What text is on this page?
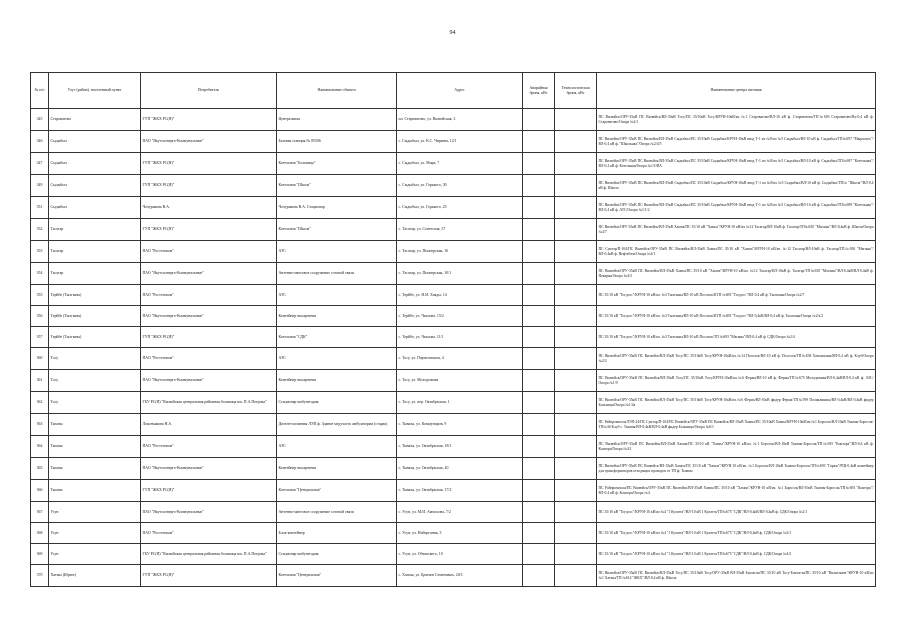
94
№ п/п	Улус (район), населенный пункт	Потребитель	Наименование объекта	Адрес	Аварийная броня, кВт	Технологическая броня, кВт	Наименование центра питания
345	Староватово	ГУП "ЖКХ РС(Я)"	Центральная	ил. Староватово, ул. Вилюйская, 3			ПС Вилюйск/ОРУ-35кВ ПС Вилюйск/ВЛ-35кВ Тосу/ПС 35/10кВ Тосу/КРУН-10кВ/яч.№1 Староватово/ВЛ-10 кВ ф. Староватово/ТП№603 Староватово/Вл-0,4 кВ ф. Староватово/Опора №2/1
346	Сыдыбыл	ПАО "Якутскэнерго-Коммунальные"	Базовая станция № 85506	с. Сыдыбыл, ул. К.С. Чиряева, 12/1			ПС Вилюйск/ОРУ-35кВ ПС Вилюйск/ВЛ-35кВ Сыдыбыл/ПС 35/10кВ Сыдыбыл/КРУН-10кВ ввод Т-1 яч №8/яч №5 Сыдыбыл/ВЛ-10 кВ ф. Сыдыбыл/ТП№697 "Мыраолох"/ВЛ-0,4 кВ ф. "Школьная"/Опора №2/4/5
347	Сыдыбыл	ГУП "ЖКХ РС(Я)"	Котельная "Больница"	с. Сыдыбыл, ул. Мира, 7			ПС Вилюйск/ОРУ-35кВ ПС Вилюйск/ВЛ-35кВ Сыдыбыл/ПС 35/10кВ Сыдыбыл/КРУН-10кВ ввод Т-1 яч №8/яч №5 Сыдыбыл/ВЛ-10 кВ ф. Сыдыбыл/ТП№697 "Котельная"/ВЛ-0,4 кВ ф. Котельная/Опора №1/ОПА
349	Сыдыбыл	ГУП "ЖКХ РС(Я)"	Котельная "Школа"	с. Сыдыбыл, ул. Горького, 30			ПС Вилюйск/ОРУ-35кВ ПС Вилюйск/ВЛ-35кВ Сыдыбыл/ПС 35/10кВ Сыдыбыл/КРУН-10кВ ввод Т-1 яч №8/яч №5 Сыдыбыл/ВЛ-10 кВ ф. Сыдыбыл/ТП№ "Школа"/ВЛ-0,4 кВ ф. Школа
351	Сыдыбыл	Чочуракова В.А.	Чочуракова В.А. Стационар	с. Сыдыбыл, ул. Горького, 25			ПС Вилюйск/ОРУ-35кВ ПС Вилюйск/ВЛ-35кВ Сыдыбыл/ПС 35/10кВ Сыдыбыл/КРУН-10кВ ввод Т-1 яч №8/яч №5 Сыдыбыл/ВЛ-10 кВ ф. Сыдыбыл/ТП№699 "Котельная"/ВЛ-0,4 кВ ф. АТС/Опора №1/1/2
352	Тасагар	ГУП "ЖКХ РС(Я)"	Котельная "Школа"	с. Тасагар, ул. Советская, 37			ПС Вилюйск/ОРУ-35кВ ПС Вилюйск/ВЛ-35кВ Хампа/ПС 35/10 кВ "Хампа"/КРУН-10 кВ/яч №12 Тасагар/ВЛ-10кВ ф. Тасагар/ТП№650 "Маганы"/ВЛ-0,4кВ ф. Школа/Опора №4/7
353	Тасагар	ПАО "Ростелеком"	АТС	с. Тасагар, ул. Пионерская, 16			ПС Сунтар/П-104/ПС Вилюйск/ОРУ-35кВ ПС Вилюйск/ВЛ-35кВ Хампа/ПС 35/10 кВ "Хампа"/КРУН-10 кВ/яч. №12 Тасагар/ВЛ-10кВ ф. Тасагар/ТП№650 "Маганы"/ВЛ-0,4кВ ф. Нефтебаза/Опора №4/1
354	Тасагар	ПАО "Якутскэнерго-Коммунальные"	Антенно-мачтовое сооружение сотовой связи	с. Тасагар, ул. Пионерская, 10/1			ПС Вилюйск/ОРУ-35кВ ПС Вилюйск/ВЛ-35кВ Хампа/ПС 35/10 кВ "Хампа"/КРУН-10 кВ/яч. №12 Тасагар/ВЛ-10кВ ф. Тасагар/ТП№650 "Маганы"/ВЛ-0,4кВ/ВЛ-0,4кВ ф. Пекарня/Опора №4/3
355	Терйбе (Тылгыны)	ПАО "Ростелеком"	АТС	с. Терйбе, ул. Н.И. Хаяды, 14			ПС 35/10 кВ "Тогдсос"/КРУН-10 кВ/яч. №3 Тылгыны/ВЛ-10 кВ Посолок/КТП №693 "Тогдсос"/ВЛ-0,4 кВ ф. Тылгыны/Опора №2/7
356	Терйбе (Тылгыны)	ПАО "Якутскэнерго-Коммунальные"	Контейнер-аппаратная	с. Терйбе, ул. Чкалова, 15/2			ПС 35/10 кВ "Тогдсос"/КРУН-10 кВ/яч. №3 Тылгыны/ВЛ-10 кВ Посолок/КТП №693 "Тогдсос"/ВЛ-0,4кВ/ВЛ-0,4 кВ ф. Тылгыны/Опора №2/а/2
357	Терйбе (Тылгыны)	ГУП "ЖКХ РС(Я)"	Котельная "СДК"	с. Терйбе, ул. Чкалова, 11/1			ПС 35/10 кВ "Тогдсос"/КРУН-10 кВ/яч. №3 Тылгыны/ВЛ-10 кВ Посолок/ТП №693 "Маганы"/ВЛ-0,4 кВ ф. СДК/Опора №2/4
360	Тосу	ПАО "Ростелеком"	АТС	с. Тосу, ул. Партизанская, 4			ПС Вилюйск/ОРУ-35кВ ПС Вилюйск/ВЛ-35кВ Тосу/ПС 35/10кВ Тосу/КРУН-10кВ/яч.№14 Посолок/ВЛ-10 кВ ф. Посолок/ТП№638 Хатынгыны/ВЛ-0,4 кВ ф. Клуб/Опора №2/2
361	Тосу	ПАО "Якутскэнерго-Коммунальные"	Контейнер-аппаратная	с. Тосу, ул. Молодежная			ПС Вилюйск/ОРУ-35кВ ПС Вилюйск/ВЛ-35кВ Тосу/ПС 35/10кВ Тосу/КРУН-10кВ/яч.№6 Ферма/ВЛ-10 кВ ф. Ферма/ТП№675 Молодежная/ВЛ-0,4кВ/ВЛ-0,4 кВ ф. АЗС/Опора №1/9
362	Тосу	ГБУ РС(Я) "Вилюйская центральная районная больница им. П.А.Петрова"	Стационар-амбулатория	с. Тосу, ул. пер. Октябрьская, 1			ПС Вилюйск/ОРУ-35кВ ПС Вилюйск/ВЛ-35кВ Тосу/ПС 35/10кВ Тосу/КРУН-10кВ/яч.№6 Ферма/ВЛ-10кВ фидер Ферма/ТП№599 Поликлиника/ВЛ-0,4кВ/ВЛ-0,4кВ фидер Больница/Опора №1/4а
363	Тымпы	Локонъякова Н.А.	Дизелетопливная ЛЭП ф. Здание медучасть амбулатории (старая)	с. Тымпы, ул. Коммунаров, 9			ПС Райпромполя/ЛЭП-24/ПС Сунтар/П-104/ПС Вилюйск/ОРУ-35кВ ПС Вилюйск/ВЛ-35кВ Хампа/ПС 35/10кВ Хампа/КРУН-10кВ/яч.№1 Боросок/ВЛ-10кВ Тымпы-Боросок/ТП№36 Клуб с. Тымпы/ВЛ-0,4кВ/ВЛ-0,4кВ фидер Больница/Опора №6/1
364	Тымпы	ПАО "Ростелеком"	АТС	с. Тымпы, ул. Октябрьская, 18/1			ПС Вилюйск/ОРУ-35кВ ПС Вилюйск/ВЛ-35кВ Хампа/ПС 35/10 кВ "Хампа"/КРУН-10 кВ/яч. №1 Боросок/ВЛ-10кВ Тымпы-Боросок/ТП№695 "Контора"/ВЛ-0,4 кВ ф. Контора/Опора №4/1
365	Тымпы	ПАО "Якутскэнерго-Коммунальные"	Контейнер-аппаратная	с. Тымпы, ул. Октябрьская, 40			ПС Вилюйск/ОРУ-35кВ ПС Вилюйск/ВЛ-35кВ Хампа/ПС 35/10 кВ "Хампа"/КРУН-10 кВ/яч. №1 Боросок/ВЛ-10кВ Тымпы-Боросок/ТП№693 "Гараж"/РЩ-0,4кВ контейнер для трансформаторов отходящих проводов от ТП ф. Тымпы
366	Тымпы	ГУП "ЖКХ РС(Я)"	Котельная "Центральная"	с. Тымпы, ул. Октябрьская, 17/2			ПС Райпромполя/ПС Вилюйск/ОРУ-35кВ ПС Вилюйск/ВЛ-35кВ Хампа/ПС 35/10 кВ "Хампа"/КРУН-10 кВ/яч. №1 Боросок/ВЛ-10кВ Тымпы-Боросок/ТП№693 "Контора"/ВЛ-0,4 кВ ф. Контора/Опора №4
367	Усун	ПАО "Якутскэнерго-Коммунальные"	Антенно-мачтовое сооружение сотовой связи	с. Усун, ул. М.И. Аммосова, 7/2			ПС 35/10 кВ "Тогдсос"/КРУН-10 кВ/яч №4 "1 Кулатта"/ВЛ-10 кВ 1 Кулатта/ТП№675 "СДК"/ВЛ-0,4кВ/ВЛ-0,4кВ ф. СДК/Опора №2/1
368	Усун	ПАО "Ростелеком"	Блок-контейнер	с. Усун, ул. Нибергания, 3			ПС 35/10 кВ "Тогдсос"/КРУН-10 кВ/яч №4 "1 Кулатта"/ВЛ-10 кВ 1 Кулатта/ТП№675 "СДК"/ВЛ-0,4кВ ф. СДК/Опора №2/1
369	Усун	ГБУ РС(Я) "Вилюйская центральная районная больница им. П.А.Петрова"	Стационар-амбулатория	с. Усун, ул. Объекского, 10			ПС 35/10 кВ "Тогдсос"/КРУН-10 кВ/яч №4 "1 Кулатта"/ВЛ-10 кВ 1 Кулатта/ТП№675 "СДК"/ВЛ-0,4кВ ф. СДК/Опора №4/2
370	Хатыы (Юрюе)	ГУП "ЖКХ РС(Я)"	Котельная "Центральная"	с. Хатыы, ул. Братьев Семеновых, 20/1			ПС Вилюйск/ОРУ-35кВ ПС Вилюйск/ВЛ-35кВ Тосу/ПС 35/10кВ Тосу/ОРУ-35кВ ВЛ-35кВ Бэкчэгэн/ПС 35/10 кВ Тосу-Бэкчэгэн/ПС 35/10 кВ "Вилигинов"/КРУН-10 кВ/яч №1 Хатыы/ТП №614 "ЖКХ"/ВЛ-0,4 кВ ф. Школа
